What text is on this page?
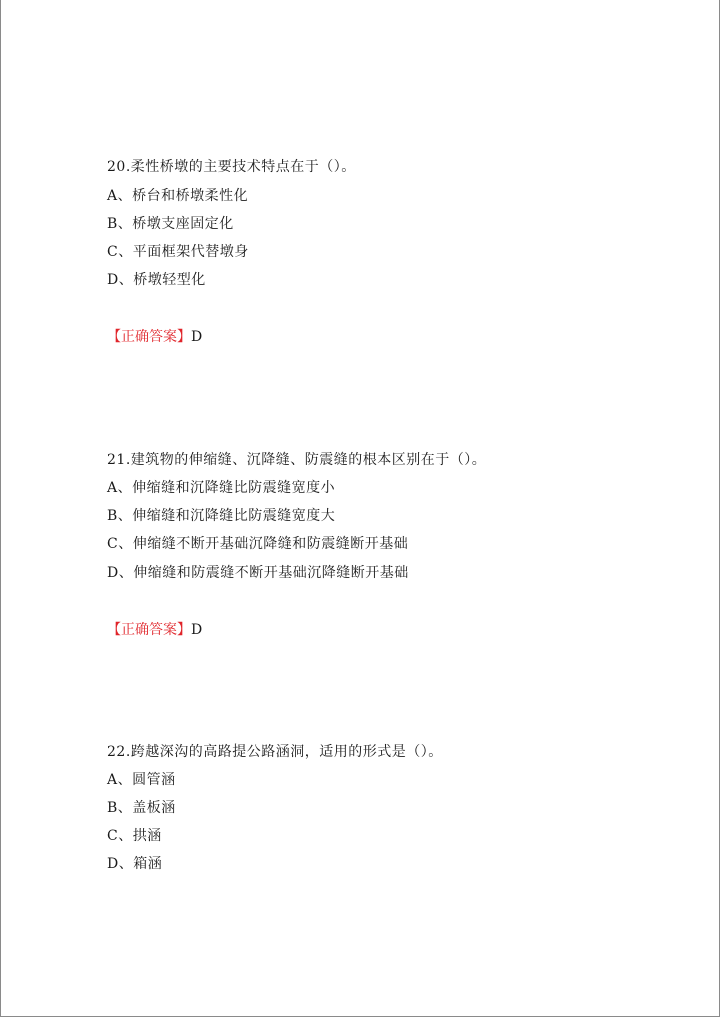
20.柔性桥墩的主要技术特点在于（）。
A、桥台和桥墩柔性化
B、桥墩支座固定化
C、平面框架代替墩身
D、桥墩轻型化
【正确答案】D
21.建筑物的伸缩缝、沉降缝、防震缝的根本区别在于（）。
A、伸缩缝和沉降缝比防震缝宽度小
B、伸缩缝和沉降缝比防震缝宽度大
C、伸缩缝不断开基础沉降缝和防震缝断开基础
D、伸缩缝和防震缝不断开基础沉降缝断开基础
【正确答案】D
22.跨越深沟的高路提公路涵洞，适用的形式是（）。
A、圆管涵
B、盖板涵
C、拱涵
D、箱涵
